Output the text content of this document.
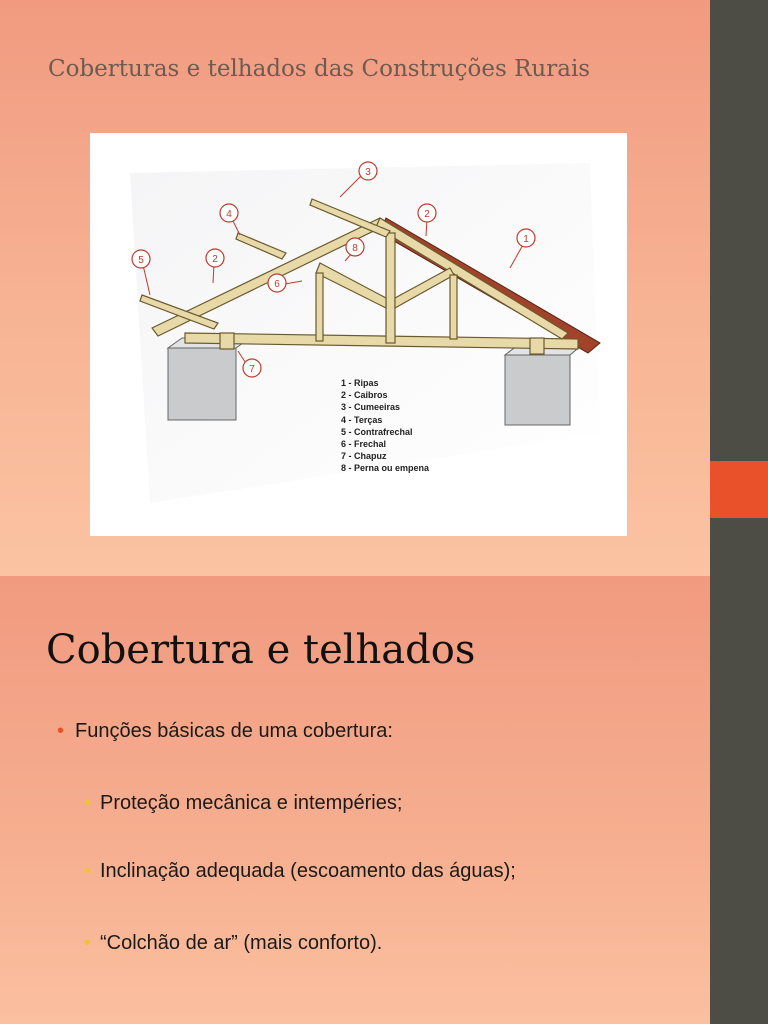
Coberturas e telhados das Construções Rurais
1
2
3
4
5	2
6
8
7
1 - Ripas
2 - Caibros
3 - Cumeeiras
4 - Terças
5 - Contrafrechal
6 - Frechal
7 - Chapuz
8 - Perna ou empena
Cobertura e telhados
• Funções básicas de uma cobertura:
• Proteção mecânica e intempéries;
• Inclinação adequada (escoamento das águas);
• “Colchão de ar” (mais conforto).
